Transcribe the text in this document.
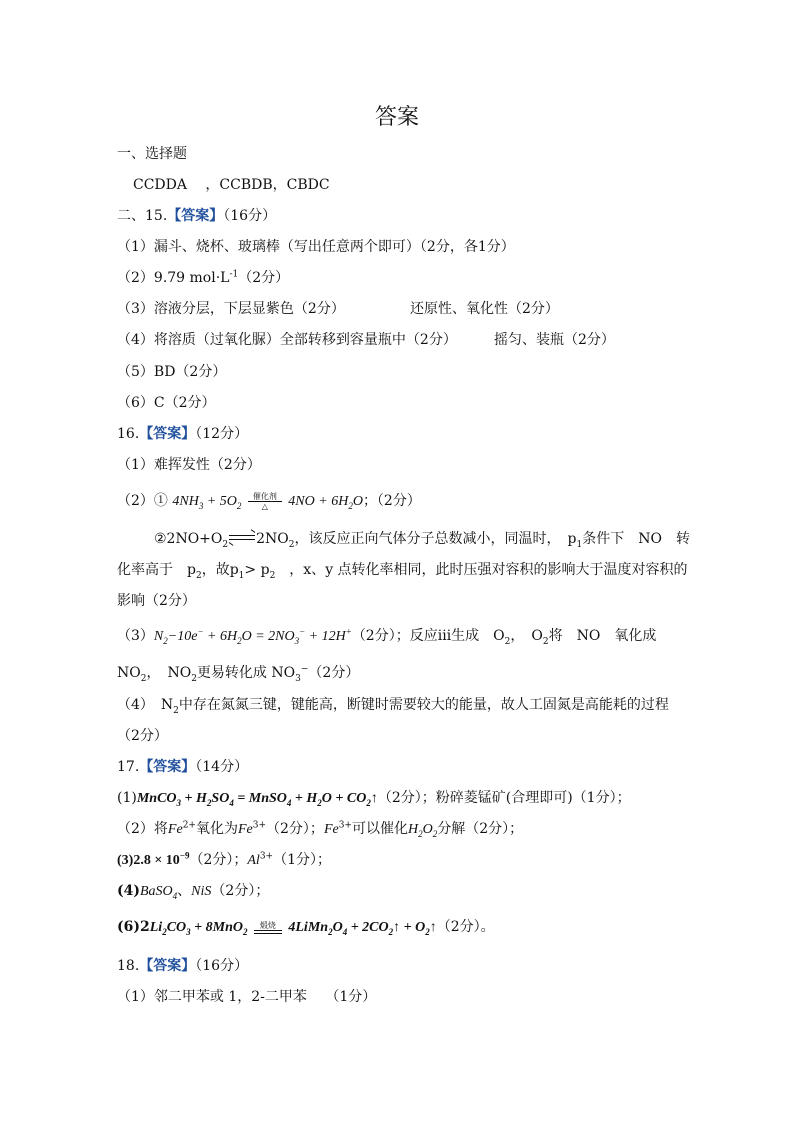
答案
一、选择题
CCDDA　 ，CCBDB，CBDC
二、15.【答案】（16分）
（1）漏斗、烧杯、玻璃棒（写出任意两个即可）（2分，各1分）
（2）9.79 $mol\cdot L^{-1}(2$分）
（3）溶液分层，下层显紫色（2分）	还原性、氧化性（2分）
（4）将溶质（过氧化脲）全部转移到容量瓶中（2分）	摇匀、装瓶（2分）
（5）BD（2分）
（6）C（2分）
16.【答案】（12分）
（1）难挥发性（2分）
（2）① $4NH_3 + 5O_2$
催化剂
△	$4NO + 6H_2O$；（2分）
$②2NO+O_2$ $\rightleftharpoons 2NO_2$，该反应正向气体分子总数减小，同温时，　$p_1$条件下　NO　转
化率高于　$p_2$，故$p_1> p_2$　，x、y 点转化率相同，此时压强对容积的影响大于温度对容积的
影响（2分）
$(3)N_2-10e^- + 6H_2O = 2NO_3^- + 12H^+(2$分）；反应ⅲ生成　$O_2$，　$O_2$将　NO　氧化成
$NO_2$，　$NO_2$更易转化成 $NO_3^-(2$分）
（4）　$N_2$中存在氮氮三键，键能高，断键时需要较大的能量，故人工固氮是高能耗的过程
（2分）
17.【答案】（14分）
(1)MnCO$_3$ + $H_2SO_4$ = MnSO$_4$ + $H_2O$ + $CO_2↑(2$分）；粉碎菱锰矿(合理即可)（1分）；
（2）将$Fe^{2+}$氧化为$Fe^{3+}(2$分）；$Fe^{3+}$可以催化$H_2O_2$分解（2分）；
$(3)2.8 \times 10^{-9}(2$分）；$Al^{3+}(1$分）；
(4)BaSO$_4$、NiS（2分）；
$(6)2Li_2CO_3 + 8MnO_2$
煅烧 $4LiMn_2O_4$ + $2CO_2↑$ + $O_2↑(2$分）。
18.【答案】（16分）
（1）邻二甲苯或 1，2-二甲苯　 （1分）
